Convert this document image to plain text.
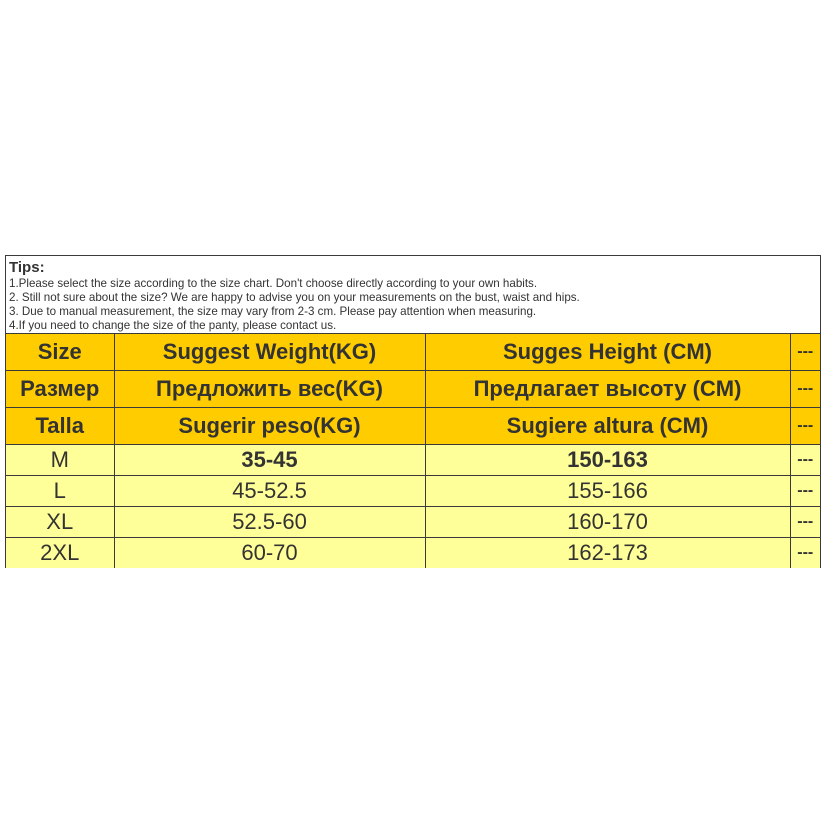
Tips:
1.Please select the size according to the size chart. Don't choose directly according to your own habits.
2. Still not sure about the size? We are happy to advise you on your measurements on the bust, waist and hips.
3. Due to manual measurement, the size may vary from 2-3 cm. Please pay attention when measuring.
4.If you need to change the size of the panty, please contact us.
Size	Suggest Weight(KG)	Sugges Height (CM)	---
Размер	Предложить вес(KG)	Предлагает высоту (CM)	---
Talla	Sugerir peso(KG)	Sugiere altura (CM)	---
M	35-45	150-163	---
L	45-52.5	155-166	---
XL	52.5-60	160-170	---
2XL	60-70	162-173	---
